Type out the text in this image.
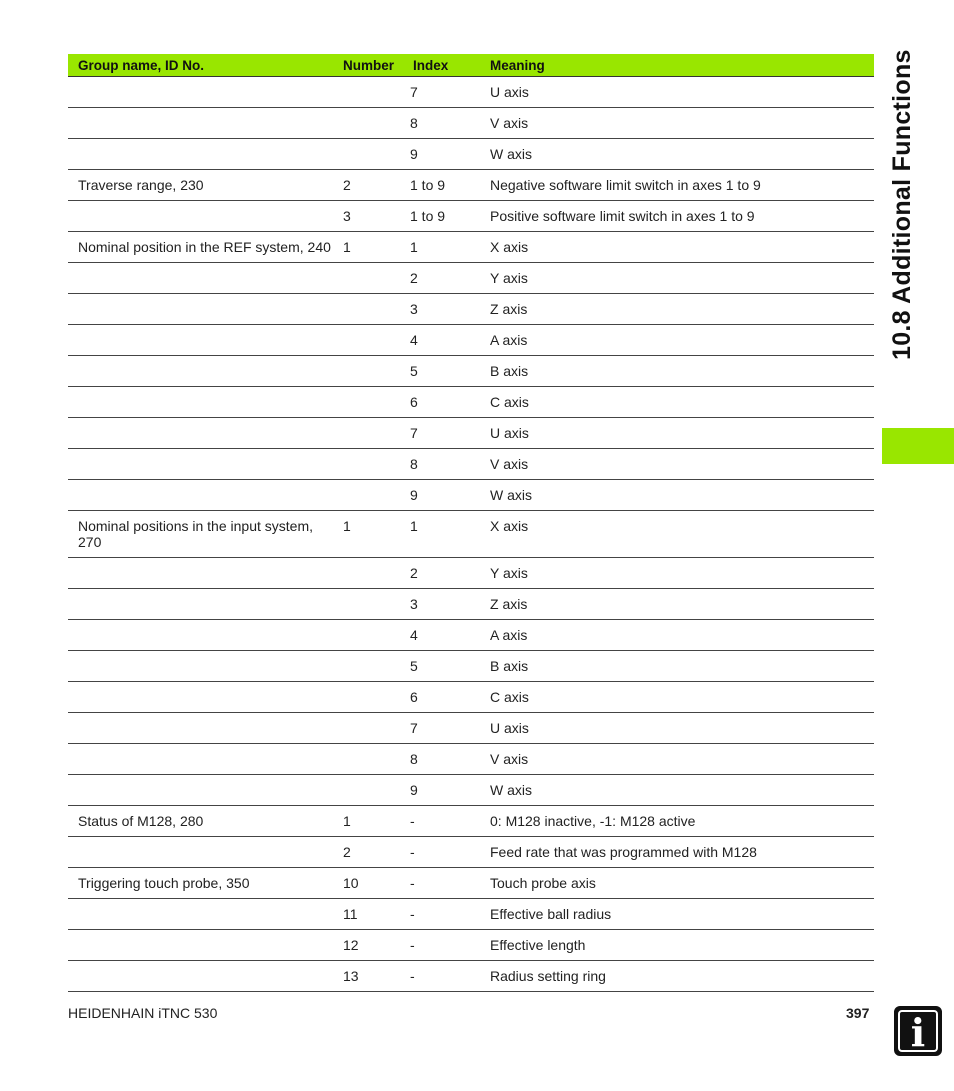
Group name, ID No.	Number	Index	Meaning
		7	U axis
		8	V axis
		9	W axis
Traverse range, 230	2	1 to 9	Negative software limit switch in axes 1 to 9
	3	1 to 9	Positive software limit switch in axes 1 to 9
Nominal position in the REF system, 240	1	1	X axis
		2	Y axis
		3	Z axis
		4	A axis
		5	B axis
		6	C axis
		7	U axis
		8	V axis
		9	W axis
Nominal positions in the input system, 270	1	1	X axis
		2	Y axis
		3	Z axis
		4	A axis
		5	B axis
		6	C axis
		7	U axis
		8	V axis
		9	W axis
Status of M128, 280	1	-	0: M128 inactive, -1: M128 active
	2	-	Feed rate that was programmed with M128
Triggering touch probe, 350	10	-	Touch probe axis
	11	-	Effective ball radius
	12	-	Effective length
	13	-	Radius setting ring
10.8 Additional Functions
HEIDENHAIN iTNC 530	397	i
